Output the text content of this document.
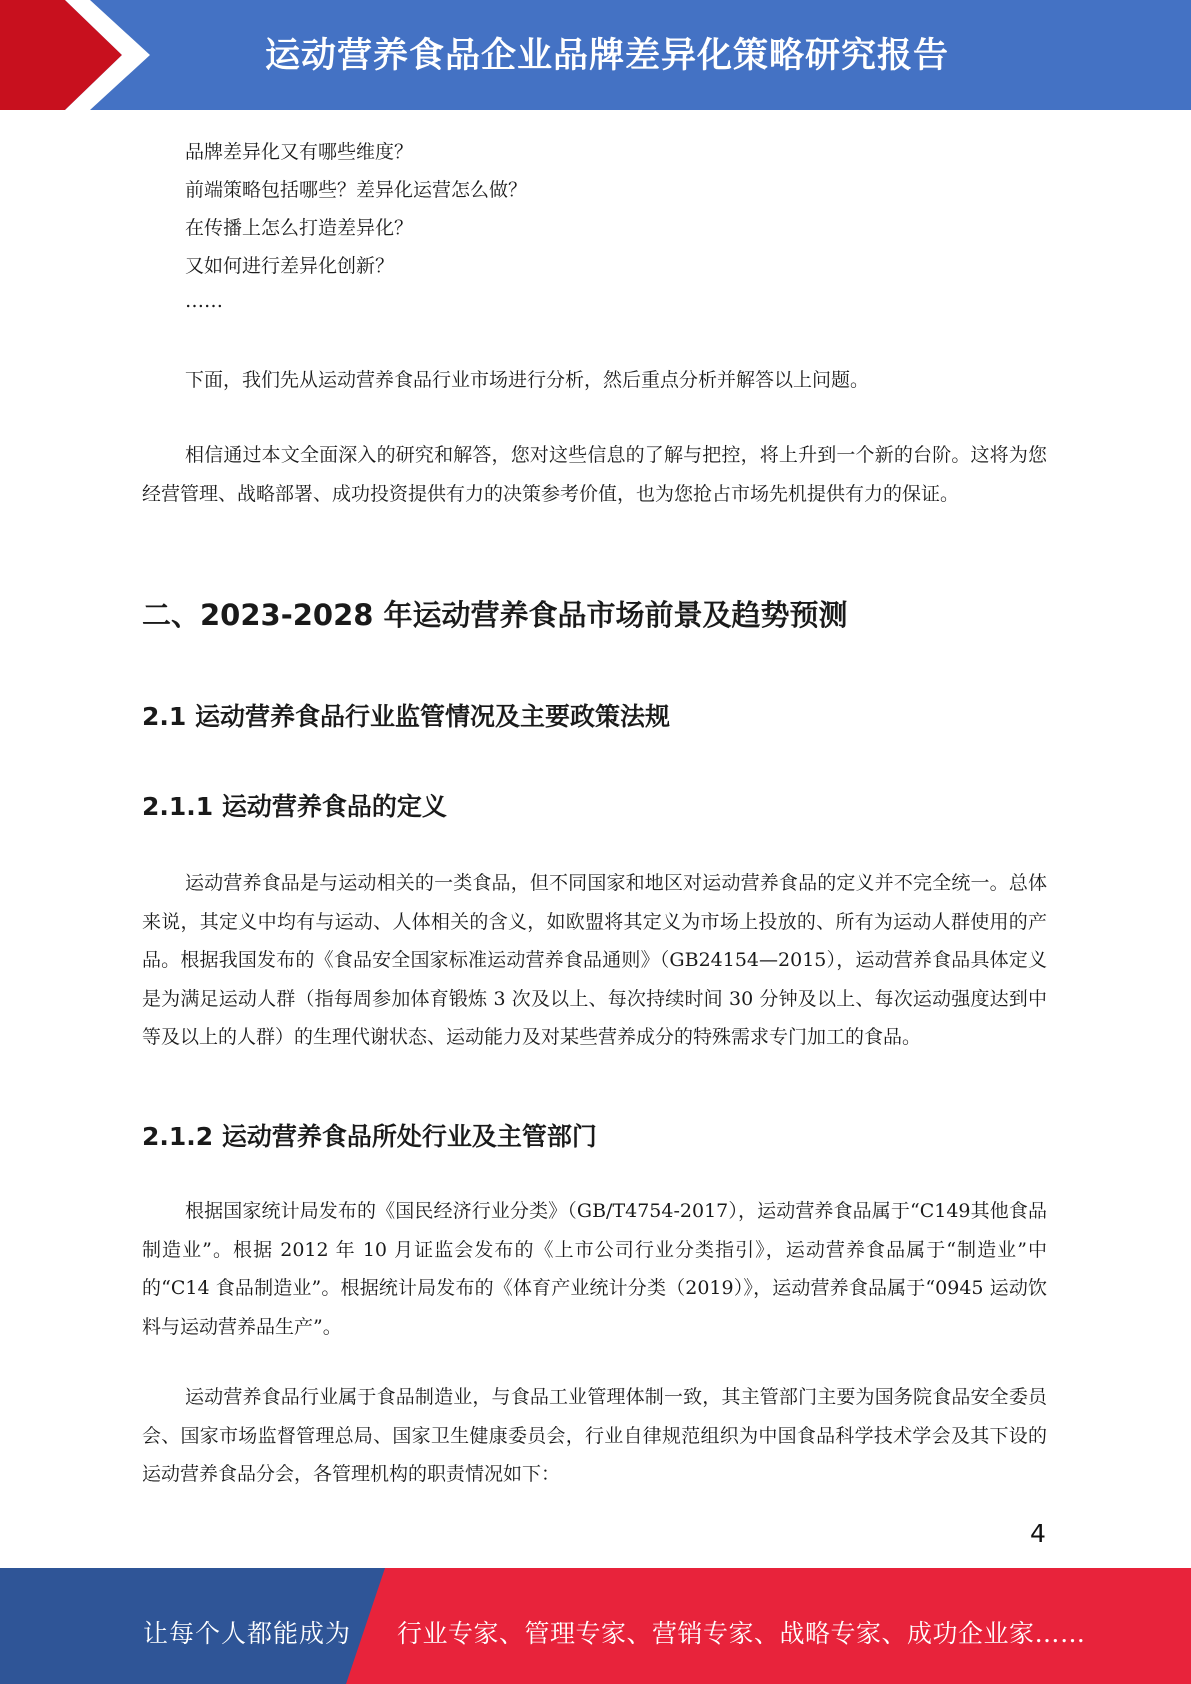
运动营养食品企业品牌差异化策略研究报告
品牌差异化又有哪些维度？
前端策略包括哪些？差异化运营怎么做？
在传播上怎么打造差异化？
又如何进行差异化创新？
……

下面，我们先从运动营养食品行业市场进行分析，然后重点分析并解答以上问题。

相信通过本文全面深入的研究和解答，您对这些信息的了解与把控，将上升到一个新的台阶。这将为您经营管理、战略部署、成功投资提供有力的决策参考价值，也为您抢占市场先机提供有力的保证。

二、2023-2028 年运动营养食品市场前景及趋势预测
2.1 运动营养食品行业监管情况及主要政策法规
2.1.1 运动营养食品的定义

运动营养食品是与运动相关的一类食品，但不同国家和地区对运动营养食品的定义并不完全统一。总体来说，其定义中均有与运动、人体相关的含义，如欧盟将其定义为市场上投放的、所有为运动人群使用的产品。根据我国发布的《食品安全国家标准运动营养食品通则》（GB24154—2015），运动营养食品具体定义是为满足运动人群（指每周参加体育锻炼 3 次及以上、每次持续时间 30 分钟及以上、每次运动强度达到中等及以上的人群）的生理代谢状态、运动能力及对某些营养成分的特殊需求专门加工的食品。

2.1.2 运动营养食品所处行业及主管部门

根据国家统计局发布的《国民经济行业分类》（GB/T4754-2017），运动营养食品属于“C149其他食品制造业”。根据 2012 年 10 月证监会发布的《上市公司行业分类指引》，运动营养食品属于“制造业”中的“C14 食品制造业”。根据统计局发布的《体育产业统计分类（2019）》，运动营养食品属于“0945 运动饮料与运动营养品生产”。

运动营养食品行业属于食品制造业，与食品工业管理体制一致，其主管部门主要为国务院食品安全委员会、国家市场监督管理总局、国家卫生健康委员会，行业自律规范组织为中国食品科学技术学会及其下设的运动营养食品分会，各管理机构的职责情况如下：

4
让每个人都能成为 行业专家、管理专家、营销专家、战略专家、成功企业家……
